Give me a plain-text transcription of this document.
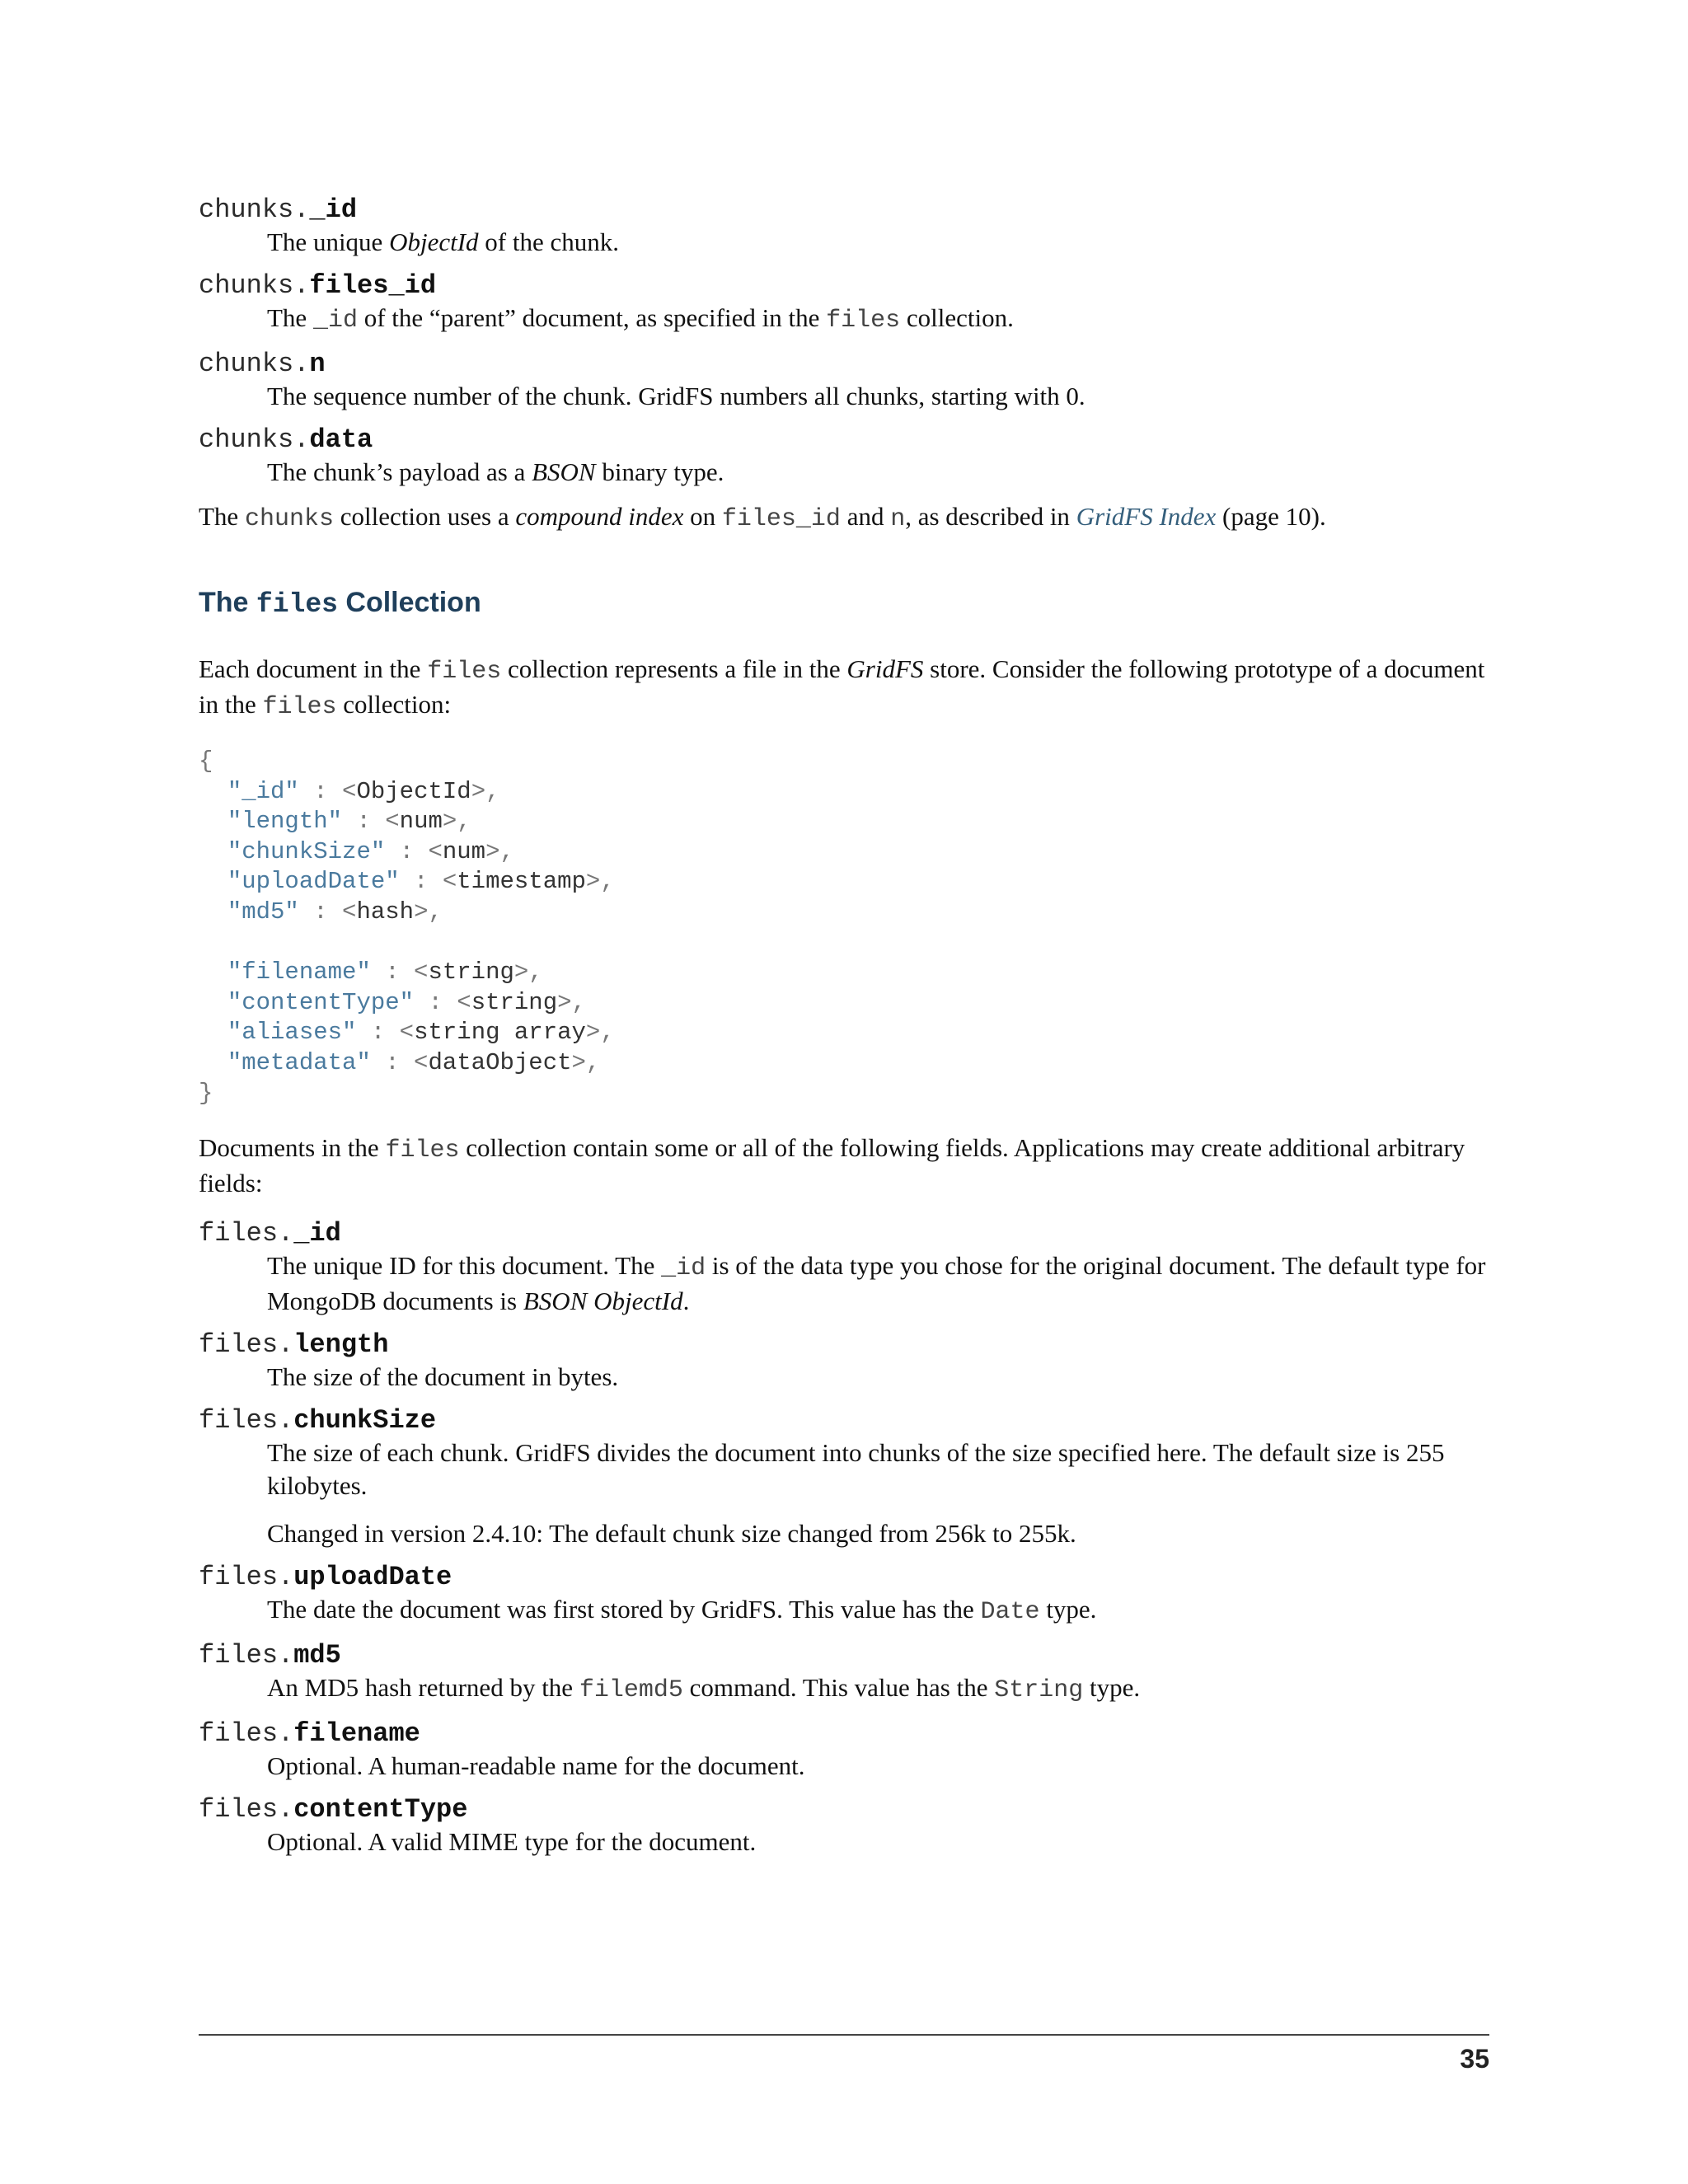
chunks._id
The unique ObjectId of the chunk.
chunks.files_id
The _id of the “parent” document, as specified in the files collection.
chunks.n
The sequence number of the chunk. GridFS numbers all chunks, starting with 0.
chunks.data
The chunk’s payload as a BSON binary type.

The chunks collection uses a compound index on files_id and n, as described in GridFS Index (page 10).

The files Collection

Each document in the files collection represents a file in the GridFS store. Consider the following prototype of a document in the files collection:

{
"_id" : <ObjectId>,
"length" : <num>,
"chunkSize" : <num>,
"uploadDate" : <timestamp>,
"md5" : <hash>,

"filename" : <string>,
"contentType" : <string>,
"aliases" : <string array>,
"metadata" : <dataObject>,
}

Documents in the files collection contain some or all of the following fields. Applications may create additional arbitrary fields:

files._id
The unique ID for this document. The _id is of the data type you chose for the original document. The default type for MongoDB documents is BSON ObjectId.
files.length
The size of the document in bytes.
files.chunkSize
The size of each chunk. GridFS divides the document into chunks of the size specified here. The default size is 255 kilobytes.
Changed in version 2.4.10: The default chunk size changed from 256k to 255k.
files.uploadDate
The date the document was first stored by GridFS. This value has the Date type.
files.md5
An MD5 hash returned by the filemd5 command. This value has the String type.
files.filename
Optional. A human-readable name for the document.
files.contentType
Optional. A valid MIME type for the document.
35
